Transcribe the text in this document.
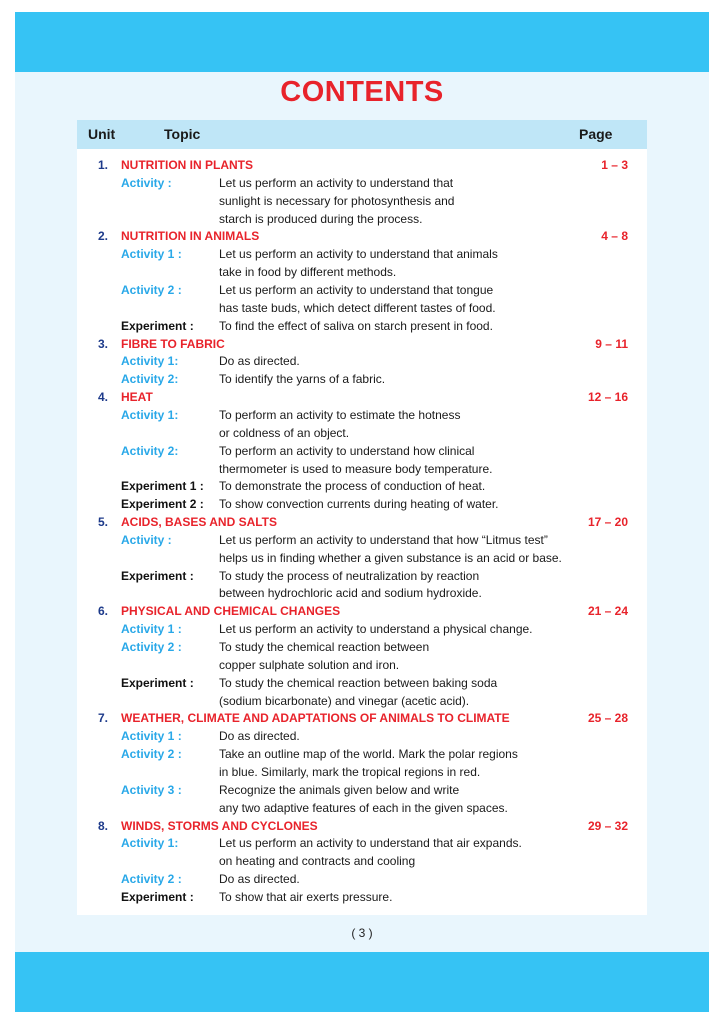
CONTENTS
Unit	Topic	Page
1.	NUTRITION IN PLANTS	1 – 3
Activity :	Let us perform an activity to understand that
sunlight is necessary for photosynthesis and
starch is produced during the process.
2.	NUTRITION IN ANIMALS	4 – 8
Activity 1 :	Let us perform an activity to understand that animals
take in food by different methods.
Activity 2 :	Let us perform an activity to understand that tongue
has taste buds, which detect different tastes of food.
Experiment : To find the effect of saliva on starch present in food.
3.	FIBRE TO FABRIC	9 – 11
Activity 1:	Do as directed.
Activity 2:	To identify the yarns of a fabric.
4.	HEAT	12 – 16
Activity 1:	To perform an activity to estimate the hotness
or coldness of an object.
Activity 2:	To perform an activity to understand how clinical
thermometer is used to measure body temperature.
Experiment 1 : To demonstrate the process of conduction of heat.
Experiment 2 : To show convection currents during heating of water.
5.	ACIDS, BASES AND SALTS	17 – 20
Activity :	Let us perform an activity to understand that how “Litmus test”
helps us in finding whether a given substance is an acid or base.
Experiment : To study the process of neutralization by reaction
between hydrochloric acid and sodium hydroxide.
6.	PHYSICAL AND CHEMICAL CHANGES	21 – 24
Activity 1 :	Let us perform an activity to understand a physical change.
Activity 2 :	To study the chemical reaction between
copper sulphate solution and iron.
Experiment : To study the chemical reaction between baking soda
(sodium bicarbonate) and vinegar (acetic acid).
7.	WEATHER, CLIMATE AND ADAPTATIONS OF ANIMALS TO CLIMATE	25 – 28
Activity 1 :	Do as directed.
Activity 2 :	Take an outline map of the world. Mark the polar regions
in blue. Similarly, mark the tropical regions in red.
Activity 3 :	Recognize the animals given below and write
any two adaptive features of each in the given spaces.
8.	WINDS, STORMS AND CYCLONES	29 – 32
Activity 1:	Let us perform an activity to understand that air expands.
on heating and contracts and cooling
Activity 2 :	Do as directed.
Experiment : To show that air exerts pressure.
( 3 )
